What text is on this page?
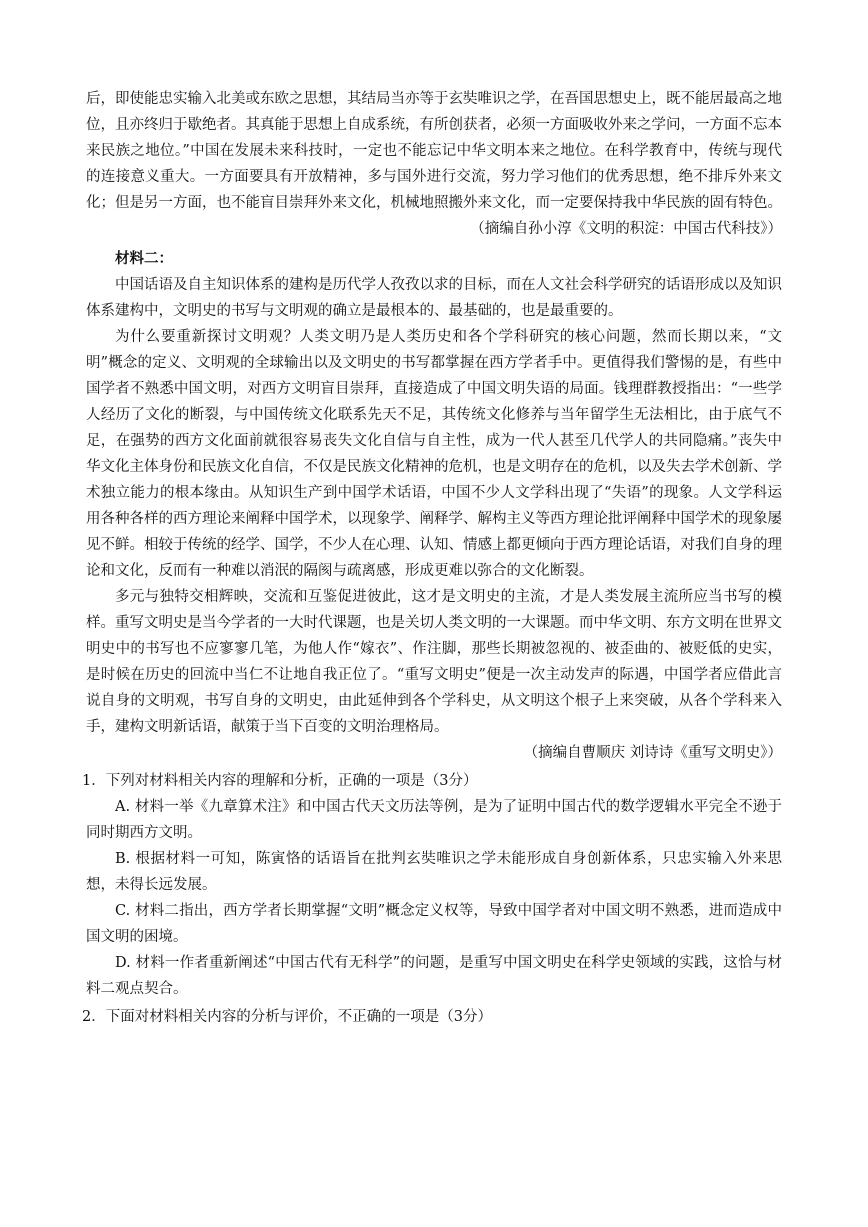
后，即使能忠实输入北美或东欧之思想，其结局当亦等于玄奘唯识之学，在吾国思想史上，既不能居最高之地位，且亦终归于歇绝者。其真能于思想上自成系统，有所创获者，必须一方面吸收外来之学问，一方面不忘本来民族之地位。”中国在发展未来科技时，一定也不能忘记中华文明本来之地位。在科学教育中，传统与现代的连接意义重大。一方面要具有开放精神，多与国外进行交流，努力学习他们的优秀思想，绝不排斥外来文化；但是另一方面，也不能盲目崇拜外来文化，机械地照搬外来文化，而一定要保持我中华民族的固有特色。

（摘编自孙小淳《文明的积淀：中国古代科技》）

材料二：

中国话语及自主知识体系的建构是历代学人孜孜以求的目标，而在人文社会科学研究的话语形成以及知识体系建构中，文明史的书写与文明观的确立是最根本的、最基础的，也是最重要的。

为什么要重新探讨文明观？人类文明乃是人类历史和各个学科研究的核心问题，然而长期以来，“文明”概念的定义、文明观的全球输出以及文明史的书写都掌握在西方学者手中。更值得我们警惕的是，有些中国学者不熟悉中国文明，对西方文明盲目崇拜，直接造成了中国文明失语的局面。钱理群教授指出：“一些学人经历了文化的断裂，与中国传统文化联系先天不足，其传统文化修养与当年留学生无法相比，由于底气不足，在强势的西方文化面前就很容易丧失文化自信与自主性，成为一代人甚至几代学人的共同隐痛。”丧失中华文化主体身份和民族文化自信，不仅是民族文化精神的危机，也是文明存在的危机，以及失去学术创新、学术独立能力的根本缘由。从知识生产到中国学术话语，中国不少人文学科出现了“失语”的现象。人文学科运用各种各样的西方理论来阐释中国学术，以现象学、阐释学、解构主义等西方理论批评阐释中国学术的现象屡见不鲜。相较于传统的经学、国学，不少人在心理、认知、情感上都更倾向于西方理论话语，对我们自身的理论和文化，反而有一种难以消泯的隔阂与疏离感，形成更难以弥合的文化断裂。

多元与独特交相辉映，交流和互鉴促进彼此，这才是文明史的主流，才是人类发展主流所应当书写的模样。重写文明史是当今学者的一大时代课题，也是关切人类文明的一大课题。而中华文明、东方文明在世界文明史中的书写也不应寥寥几笔，为他人作“嫁衣”、作注脚，那些长期被忽视的、被歪曲的、被贬低的史实，是时候在历史的回流中当仁不让地自我正位了。“重写文明史”便是一次主动发声的际遇，中国学者应借此言说自身的文明观，书写自身的文明史，由此延伸到各个学科史，从文明这个根子上来突破，从各个学科来入手，建构文明新话语，献策于当下百变的文明治理格局。

（摘编自曹顺庆 刘诗诗《重写文明史》）

1．下列对材料相关内容的理解和分析，正确的一项是（3分）

A. 材料一举《九章算术注》和中国古代天文历法等例，是为了证明中国古代的数学逻辑水平完全不逊于同时期西方文明。

B. 根据材料一可知，陈寅恪的话语旨在批判玄奘唯识之学未能形成自身创新体系，只忠实输入外来思想，未得长远发展。

C. 材料二指出，西方学者长期掌握“文明”概念定义权等，导致中国学者对中国文明不熟悉，进而造成中国文明的困境。

D. 材料一作者重新阐述“中国古代有无科学”的问题，是重写中国文明史在科学史领域的实践，这恰与材料二观点契合。

2．下面对材料相关内容的分析与评价，不正确的一项是（3分）
